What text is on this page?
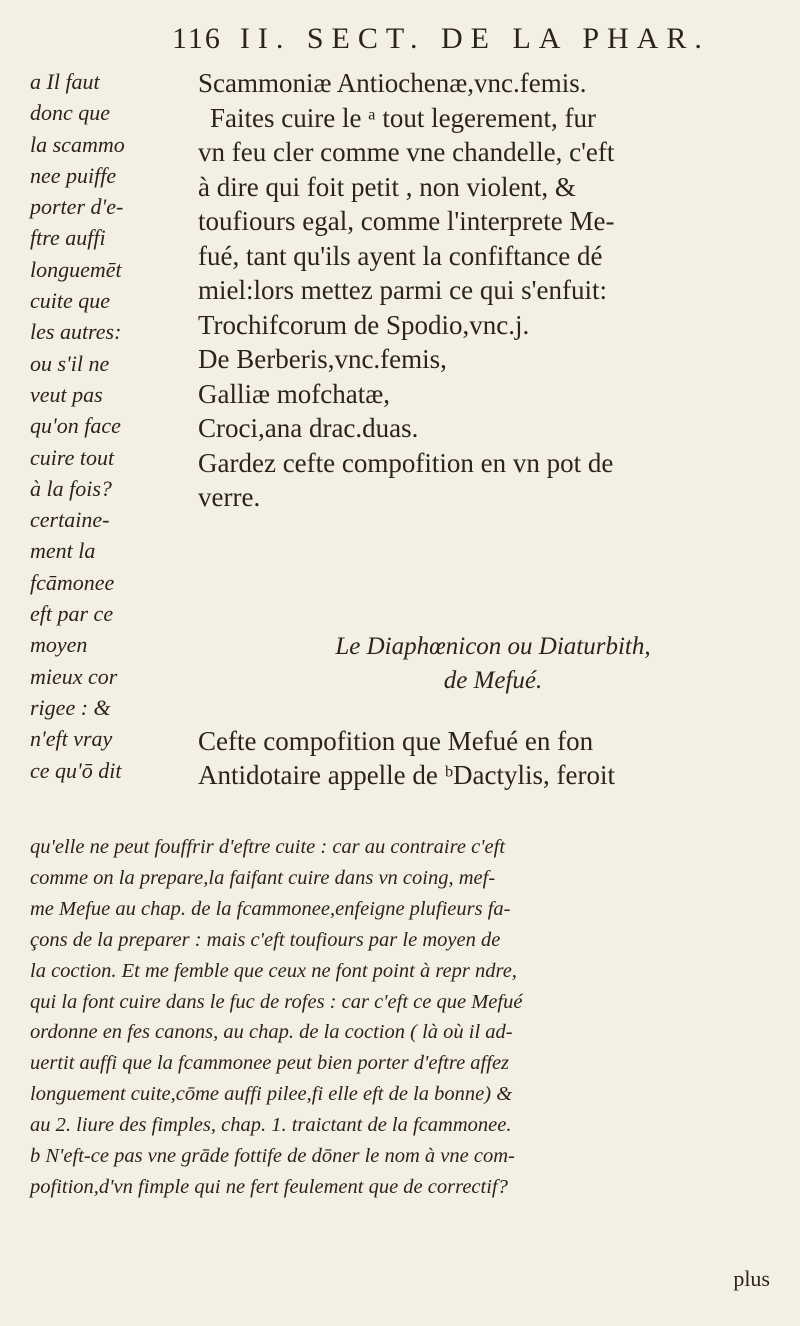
116 II. SECT. DE LA PHAR.
a Il faut
donc que
la scammo
nee puiffe
porter d'e-
ftre auffi
longuemēt
cuite que
les autres:
ou s'il ne
veut pas
qu'on face
cuire tout
à la fois?
certaine-
ment la
fcāmonee
eft par ce
moyen
mieux cor
rigee : &
n'eft vray
ce qu'ō dit
Scammoniæ Antiochenæ,vnc.femis.
Faites cuire le ᵃ tout legerement, fur
vn feu cler comme vne chandelle, c'eft
à dire qui foit petit , non violent, &
toufiours egal, comme l'interprete Me-
fué, tant qu'ils ayent la confiftance dé
miel:lors mettez parmi ce qui s'enfuit:
Trochifcorum de Spodio,vnc.j.
De Berberis,vnc.femis,
Galliæ mofchatæ,
Croci,ana drac.duas.
Gardez cefte compofition en vn pot de
verre.
Le Diaphœnicon ou Diaturbith,
de Mefué.
Cefte compofition que Mefué en fon
Antidotaire appelle de ᵇDactylis, feroit
qu'elle ne peut fouffrir d'eftre cuite : car au contraire c'eft
comme on la prepare,la faifant cuire dans vn coing, mef-
me Mefue au chap. de la fcammonee,enfeigne plufieurs fa-
çons de la preparer : mais c'eft toufiours par le moyen de
la coction. Et me femble que ceux ne font point à repr ndre,
qui la font cuire dans le fuc de rofes : car c'eft ce que Mefué
ordonne en fes canons, au chap. de la coction ( là où il ad-
uertit auffi que la fcammonee peut bien porter d'eftre affez
longuement cuite,cōme auffi pilee,fi elle eft de la bonne) &
au 2. liure des fimples, chap. 1. traictant de la fcammonee.
b N'eft-ce pas vne grāde fottife de dōner le nom à vne com-
pofition,d'vn fimple qui ne fert feulement que de correctif?
plus
